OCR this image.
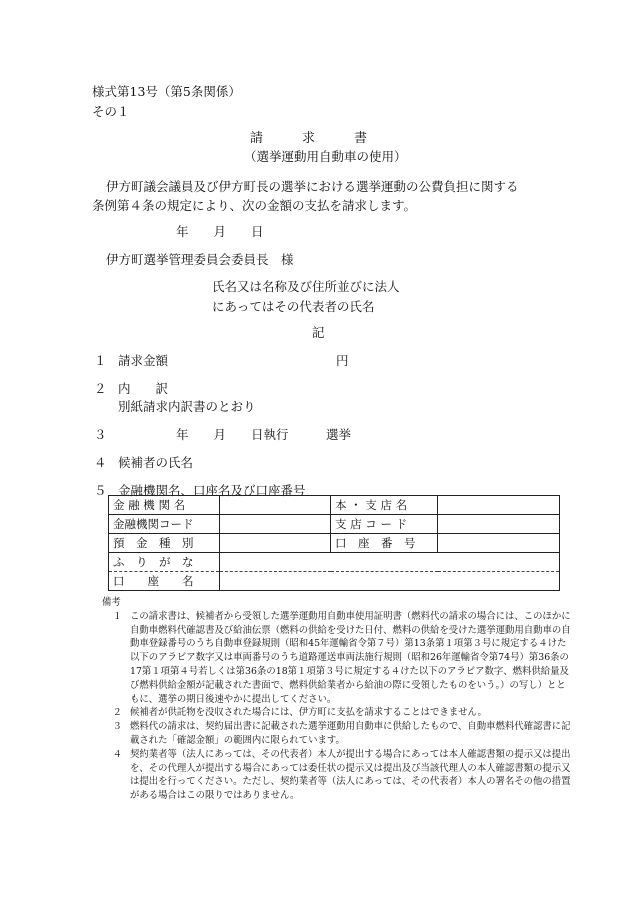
様式第13号（第5条関係）
その１
請　　　求　　　書
（選挙運動用自動車の使用）
伊方町議会議員及び伊方町長の選挙における選挙運動の公費負担に関する
条例第４条の規定により、次の金額の支払を請求します。
年　　月　　日
伊方町選挙管理委員会委員長　様
氏名又は名称及び住所並びに法人
にあってはその代表者の氏名
記
１ 請求金額	円
２ 内　　訳
別紙請求内訳書のとおり
３	年　　月　　日執行　　　選挙
４ 候補者の氏名
５ 金融機関名、口座名及び口座番号
金 融 機 関 名		本 ・ 支 店 名	
金融機関コード		支 店 コ ー ド	
預　金　種　別		口　座　番　号	
ふ　り　が　な			
口　　座　　名			
備考
１ この請求書は、候補者から受領した選挙運動用自動車使用証明書（燃料代の請求の場合には、このほかに自動車燃料代確認書及び給油伝票（燃料の供給を受けた日付、燃料の供給を受けた選挙運動用自動車の自動車登録番号のうち自動車登録規則（昭和45年運輸省令第７号）第13条第１項第３号に規定する４けた以下のアラビア数字又は車両番号のうち道路運送車両法施行規則（昭和26年運輸省令第74号）第36条の17第１項第４号若しくは第36条の18第１項第３号に規定する４けた以下のアラビア数字、燃料供給量及び燃料供給金額が記載された書面で、燃料供給業者から給油の際に受領したものをいう。）の写し）とともに、選挙の期日後速やかに提出してください。
２ 候補者が供託物を没収された場合には、伊方町に支払を請求することはできません。
３ 燃料代の請求は、契約届出書に記載された選挙運動用自動車に供給したもので、自動車燃料代確認書に記載された「確認金額」の範囲内に限られています。
４ 契約業者等（法人にあっては、その代表者）本人が提出する場合にあっては本人確認書類の提示又は提出を、その代理人が提出する場合にあっては委任状の提示又は提出及び当該代理人の本人確認書類の提示又は提出を行ってください。ただし、契約業者等（法人にあっては、その代表者）本人の署名その他の措置がある場合はこの限りではありません。
